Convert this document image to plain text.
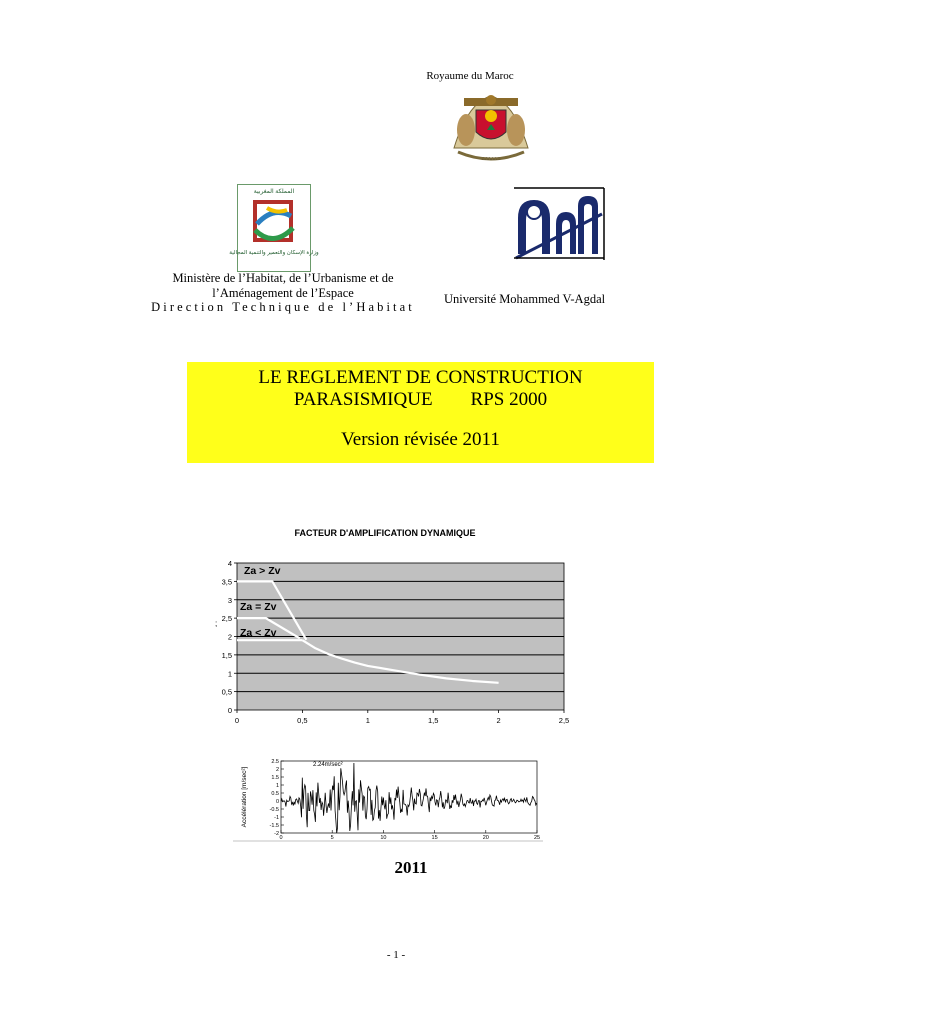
Royaume du Maroc
∴∴∴∴∴∴
المملكة المغربية
وزارة الإسكان والتعمير والتنمية المجالية
Ministère de l’Habitat, de l’Urbanisme et de
l’Aménagement de l’Espace
Direction Technique de l’Habitat
Université Mohammed V-Agdal
LE REGLEMENT DE CONSTRUCTION
PARASISMIQUE        RPS 2000
Version révisée 2011
FACTEUR D'AMPLIFICATION DYNAMIQUE
0
0,5
1
1,5
2
2,5
3
3,5
4
0	0,5	1	1,5	2	2,5
Za > Zv
Za = Zv
Za < Zv
;
2.5
2
1.5
1
0.5
0
-0.5
-1
-1.5
-2
0	5	10	15	20	25
2.24m/sec²
Accélération [m/sec²]
2011
- 1 -
